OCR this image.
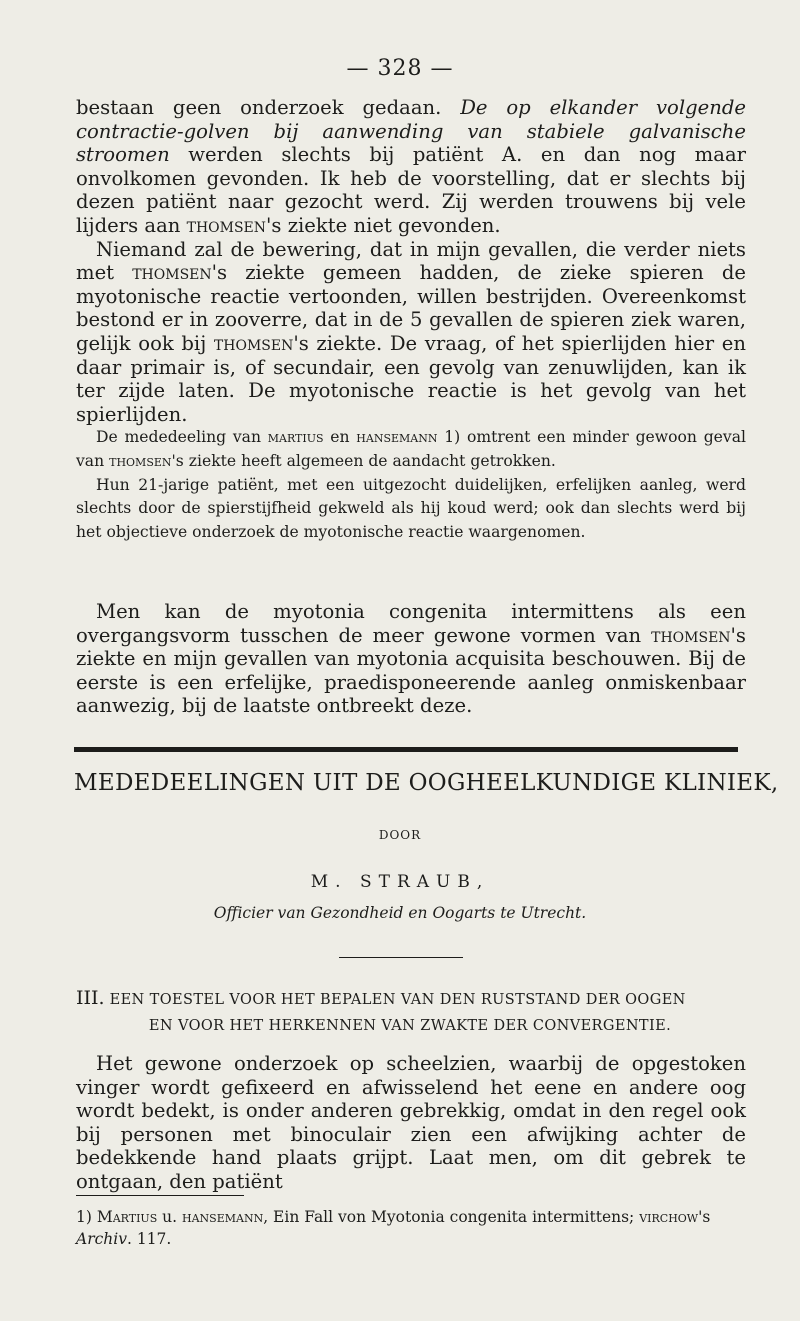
— 328 —

bestaan geen onderzoek gedaan. De op elkander volgende contractie-golven bij aanwending van stabiele galvanische stroomen werden slechts bij patiënt A. en dan nog maar onvolkomen gevonden. Ik heb de voorstelling, dat er slechts bij dezen patiënt naar gezocht werd. Zij werden trouwens bij vele lijders aan thomsen's ziekte niet gevonden.

Niemand zal de bewering, dat in mijn gevallen, die verder niets met thomsen's ziekte gemeen hadden, de zieke spieren de myotonische reactie vertoonden, willen bestrijden. Overeenkomst bestond er in zooverre, dat in de 5 gevallen de spieren ziek waren, gelijk ook bij thomsen's ziekte. De vraag, of het spierlijden hier en daar primair is, of secundair, een gevolg van zenuwlijden, kan ik ter zijde laten. De myotonische reactie is het gevolg van het spierlijden.

De mededeeling van martius en hansemann 1) omtrent een minder gewoon geval van thomsen's ziekte heeft algemeen de aandacht getrokken.

Hun 21-jarige patiënt, met een uitgezocht duidelijken, erfelijken aanleg, werd slechts door de spierstijfheid gekweld als hij koud werd; ook dan slechts werd bij het objectieve onderzoek de myotonische reactie waargenomen.

Men kan de myotonia congenita intermittens als een overgangsvorm tusschen de meer gewone vormen van thomsen's ziekte en mijn gevallen van myotonia acquisita beschouwen. Bij de eerste is een erfelijke, praedisponeerende aanleg onmiskenbaar aanwezig, bij de laatste ontbreekt deze.

MEDEDEELINGEN UIT DE OOGHEELKUNDIGE KLINIEK,
DOOR
M. STRAUB,
Officier van Gezondheid en Oogarts te Utrecht.
III. EEN TOESTEL VOOR HET BEPALEN VAN DEN RUSTSTAND DER OOGEN
EN VOOR HET HERKENNEN VAN ZWAKTE DER CONVERGENTIE.

Het gewone onderzoek op scheelzien, waarbij de opgestoken vinger wordt gefixeerd en afwisselend het eene en andere oog wordt bedekt, is onder anderen gebrekkig, omdat in den regel ook bij personen met binoculair zien een afwijking achter de bedekkende hand plaats grijpt. Laat men, om dit gebrek te ontgaan, den patiënt

1) Martius u. hansemann, Ein Fall von Myotonia congenita intermittens; virchow's Archiv. 117.
